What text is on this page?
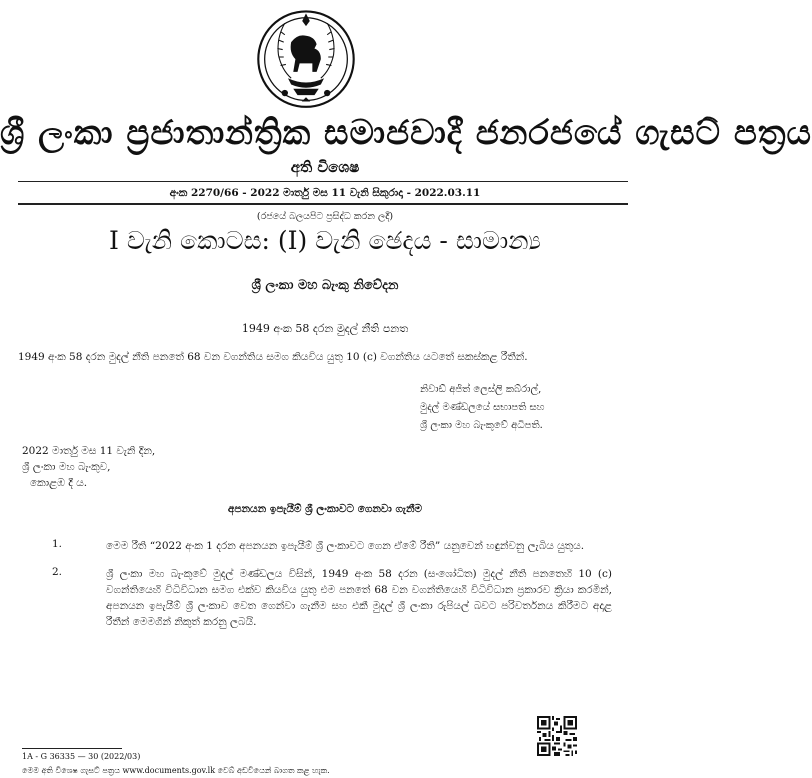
ශ්‍රී ලංකා ප්‍රජාතාන්ත්‍රික සමාජවාදී ජනරජයේ ගැසට් පත්‍රය
අති විශෙෂ
අංක 2270/66 - 2022 මාර්තු මස 11 වැනි සිකුරාදා - 2022.03.11
(රජයේ බලයපිට ප්‍රසිද්ධ කරන ලදී)
I වැනි කොටස: (I) වැනි ඡෙදය - සාමාන්‍ය
ශ්‍රී ලංකා මහ බැංකු නිවේදන
1949 අංක 58 දරන මුදල් නීති පනත
1949 අංක 58 දරන මුදල් නීති පනතේ 68 වන වගන්තිය සමග කියවිය යුතු 10 (c) වගන්තිය යටතේ සකස්කළ රීතීන්.
නිවාඩ් අජිත් ලෙස්ලි කබ්රාල්,
මුදල් මණ්ඩලයේ සභාපති සහ
ශ්‍රී ලංකා මහ බැංකුවේ අධිපති.
2022 මාර්තු මස 11 වැනි දින,
ශ්‍රී ලංකා මහ බැංකුව,
කොළඹ දී ය.
අපනයන ඉපැයීම් ශ්‍රී ලංකාවට ගෙනවා ගැනීම
1.	මෙම රීති “2022 අංක 1 දරන අපනයන ඉපැයීම් ශ්‍රී ලංකාවට ගෙන ඒමේ රීති” යනුවෙන් හඳුන්වනු ලැබිය යුතුය.
2.	ශ්‍රී ලංකා මහ බැංකුවේ මුදල් මණ්ඩලය විසින්, 1949 අංක 58 දරන (සංශෝධිත) මුදල් නීති පනතෙහි 10 (c) වගන්තියෙහි විධිවිධාන සමග එක්ව කියවිය යුතු එම පනතේ 68 වන වගන්තියෙහි විධිවිධාන ප්‍රකාරව ක්‍රියා කරමින්, අපනයන ඉපැයීම් ශ්‍රී ලංකාව වෙත ගෙන්වා ගැනීම සහ එකී මුදල් ශ්‍රී ලංකා රුපියල් බවට පරිවර්තනය කිරීමට අදාළ රීතීන් මෙමගින් නිකුත් කරනු ලබයි.
1A - G 36335 — 30 (2022/03)
මෙම අති විශෙෂ ගැසට් පත්‍රය www.documents.gov.lk වෙබ් අඩවියෙන් බාගත කළ හැක.
